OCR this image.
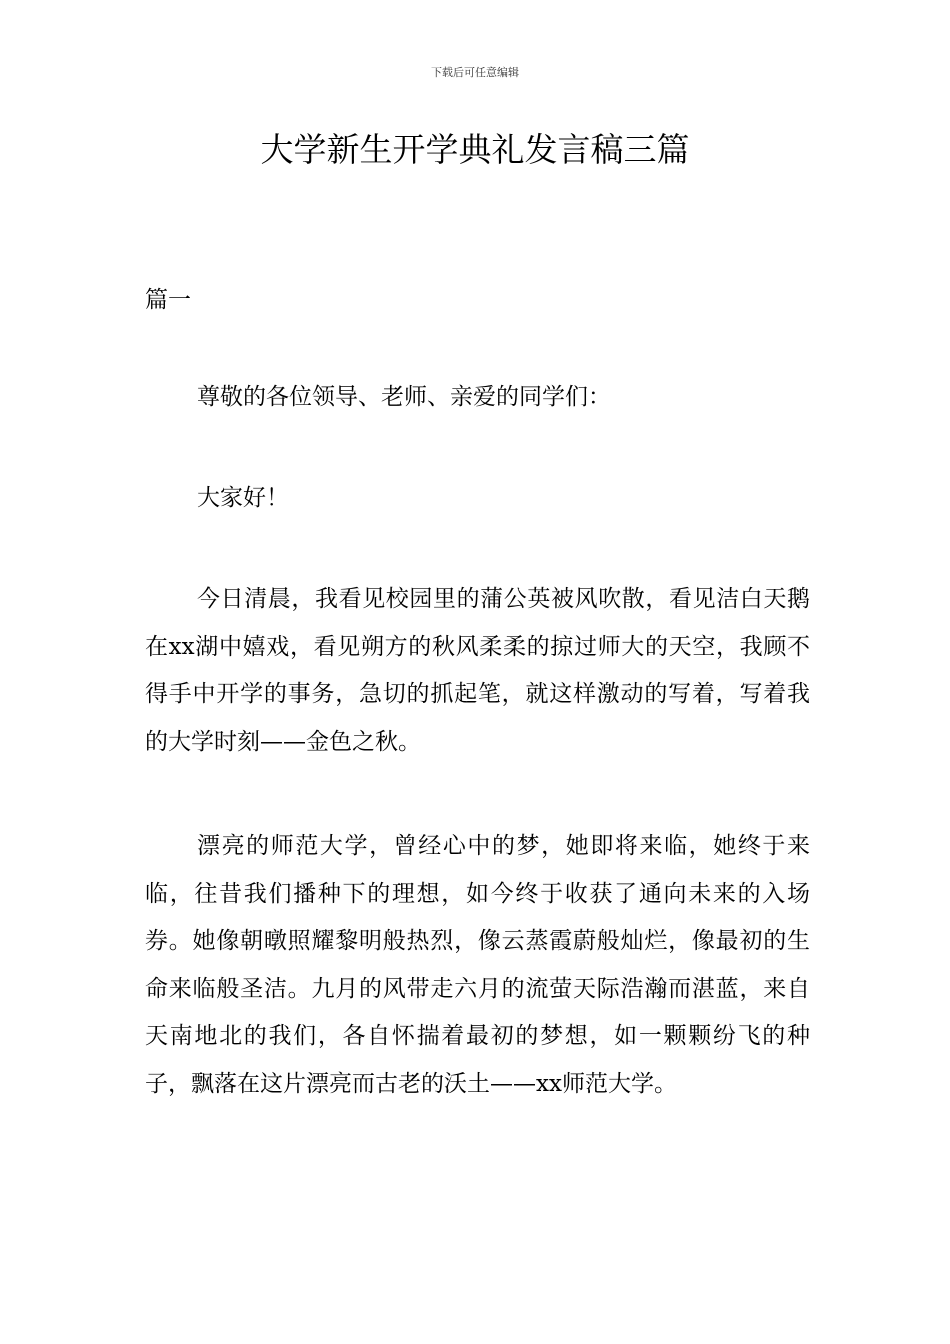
下载后可任意编辑
大学新生开学典礼发言稿三篇
篇一

尊敬的各位领导、老师、亲爱的同学们：

大家好！

今日清晨，我看见校园里的蒲公英被风吹散，看见洁白天鹅在xx湖中嬉戏，看见朔方的秋风柔柔的掠过师大的天空，我顾不得手中开学的事务，急切的抓起笔，就这样激动的写着，写着我的大学时刻——金色之秋。

漂亮的师范大学，曾经心中的梦，她即将来临，她终于来临，往昔我们播种下的理想，如今终于收获了通向未来的入场券。她像朝暾照耀黎明般热烈，像云蒸霞蔚般灿烂，像最初的生命来临般圣洁。九月的风带走六月的流萤天际浩瀚而湛蓝，来自天南地北的我们，各自怀揣着最初的梦想，如一颗颗纷飞的种子，飘落在这片漂亮而古老的沃土——xx师范大学。
